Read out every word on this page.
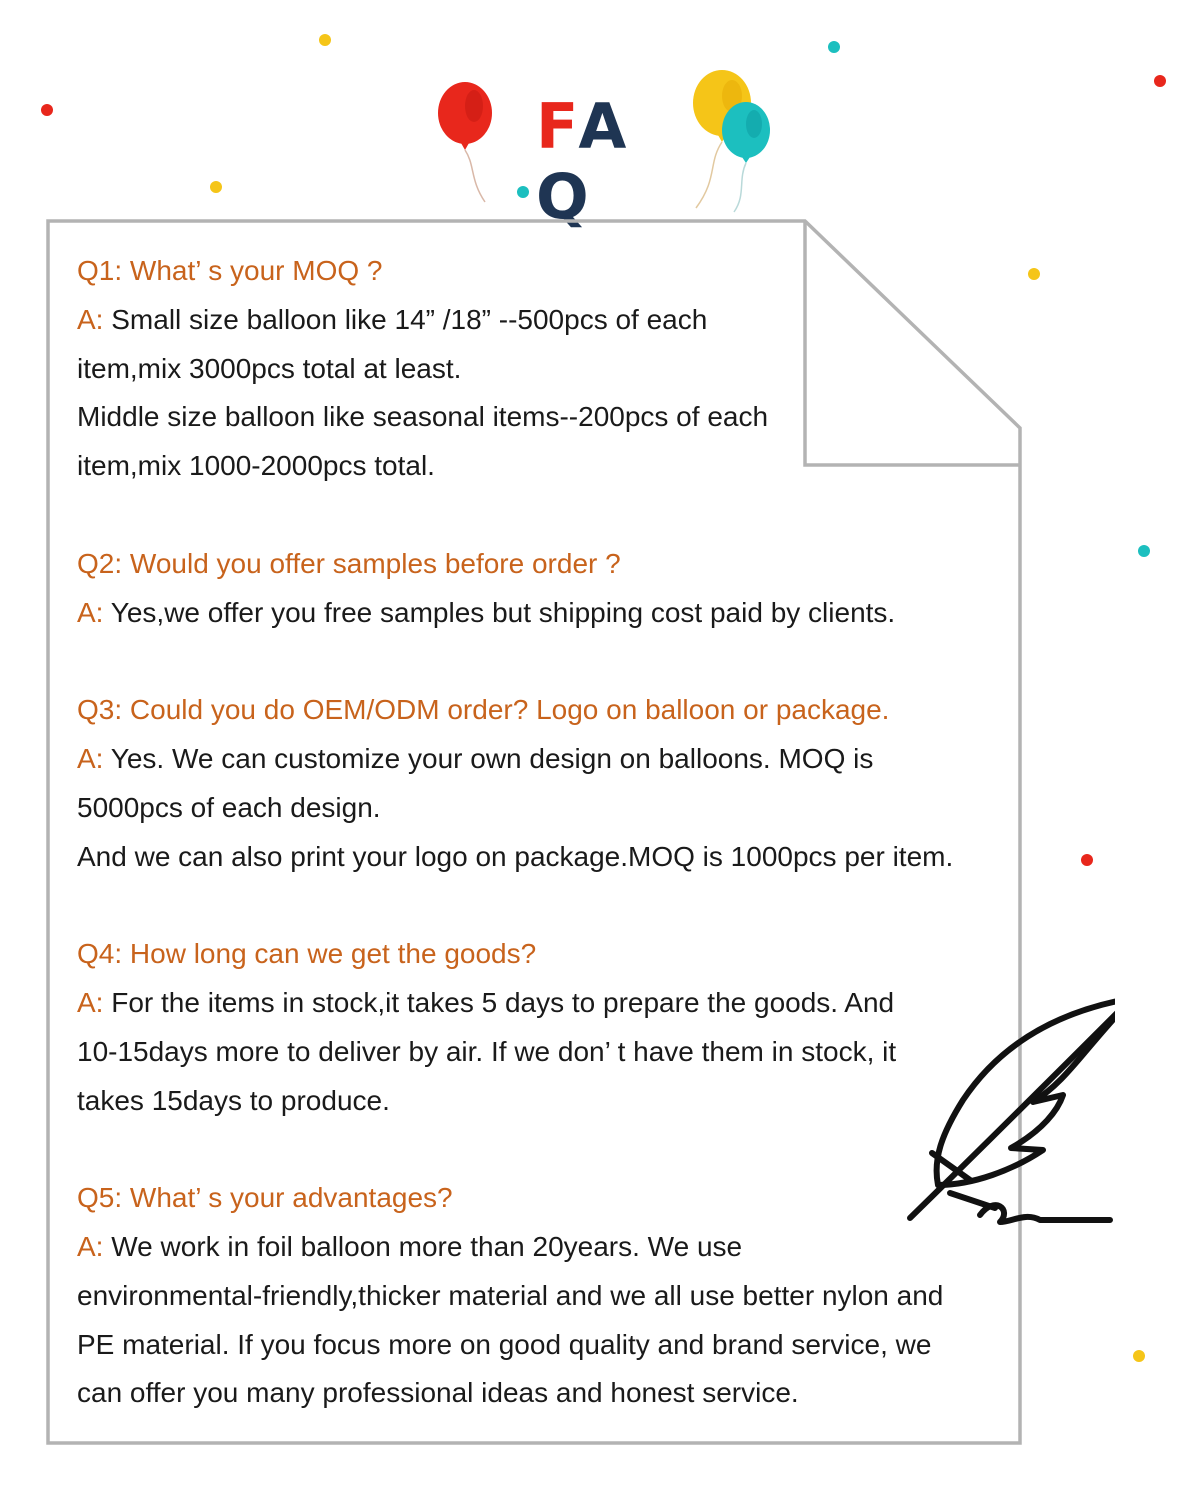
FAQ
Q1: What’ s your MOQ ?
A: Small size balloon like 14” /18” --500pcs of each
item,mix 3000pcs total at least.
Middle size balloon like seasonal items--200pcs of each
item,mix 1000-2000pcs total.
Q2: Would you offer samples before order ?
A: Yes,we offer you free samples but shipping cost paid by clients.
Q3: Could you do OEM/ODM order? Logo on balloon or package.
A: Yes. We can customize your own design on balloons. MOQ is
5000pcs of each design.
And we can also print your logo on package.MOQ is 1000pcs per item.
Q4: How long can we get the goods?
A: For the items in stock,it takes 5 days to prepare the goods. And
10-15days more to deliver by air. If we don’ t have them in stock, it
takes 15days to produce.
Q5: What’ s your advantages?
A: We work in foil balloon more than 20years. We use
environmental-friendly,thicker material and we all use better nylon and
PE material. If you focus more on good quality and brand service, we
can offer you many professional ideas and honest service.
